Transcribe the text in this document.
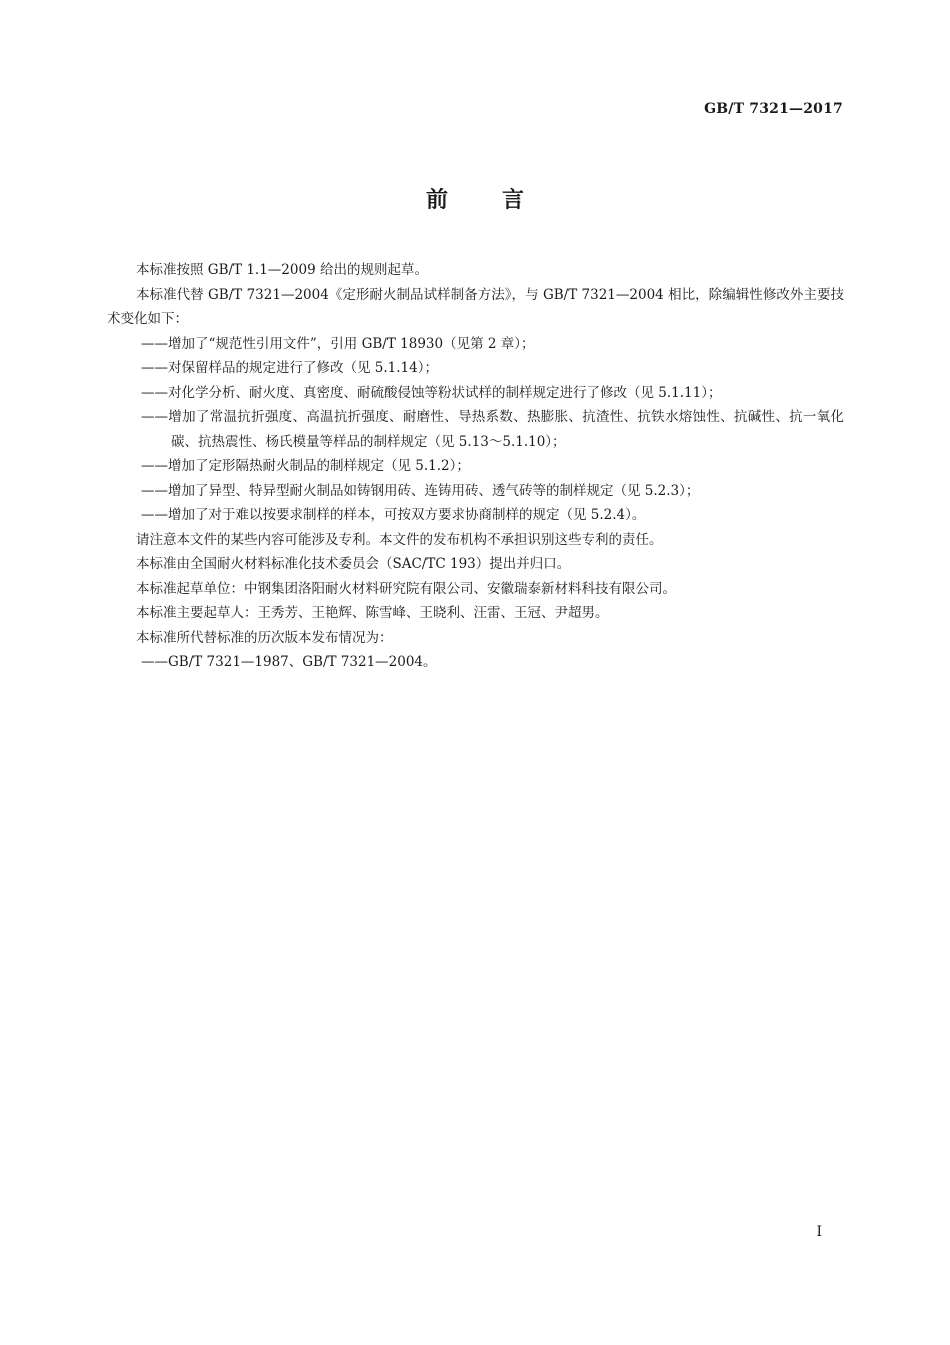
GB/T 7321—2017
前言

本标准按照 GB/T 1.1—2009 给出的规则起草。

本标准代替 GB/T 7321—2004《定形耐火制品试样制备方法》，与 GB/T 7321—2004 相比，除编辑性修改外主要技术变化如下：

——增加了“规范性引用文件”，引用 GB/T 18930（见第 2 章）；

——对保留样品的规定进行了修改（见 5.1.14）；

——对化学分析、耐火度、真密度、耐硫酸侵蚀等粉状试样的制样规定进行了修改（见 5.1.11）；

——增加了常温抗折强度、高温抗折强度、耐磨性、导热系数、热膨胀、抗渣性、抗铁水熔蚀性、抗碱性、抗一氧化碳、抗热震性、杨氏模量等样品的制样规定（见 5.13～5.1.10）；

——增加了定形隔热耐火制品的制样规定（见 5.1.2）；

——增加了异型、特异型耐火制品如铸钢用砖、连铸用砖、透气砖等的制样规定（见 5.2.3）；

——增加了对于难以按要求制样的样本，可按双方要求协商制样的规定（见 5.2.4）。

请注意本文件的某些内容可能涉及专利。本文件的发布机构不承担识别这些专利的责任。

本标准由全国耐火材料标准化技术委员会（SAC/TC 193）提出并归口。

本标准起草单位：中钢集团洛阳耐火材料研究院有限公司、安徽瑞泰新材料科技有限公司。

本标准主要起草人：王秀芳、王艳辉、陈雪峰、王晓利、汪雷、王冠、尹超男。

本标准所代替标准的历次版本发布情况为：

——GB/T 7321—1987、GB/T 7321—2004。

I
